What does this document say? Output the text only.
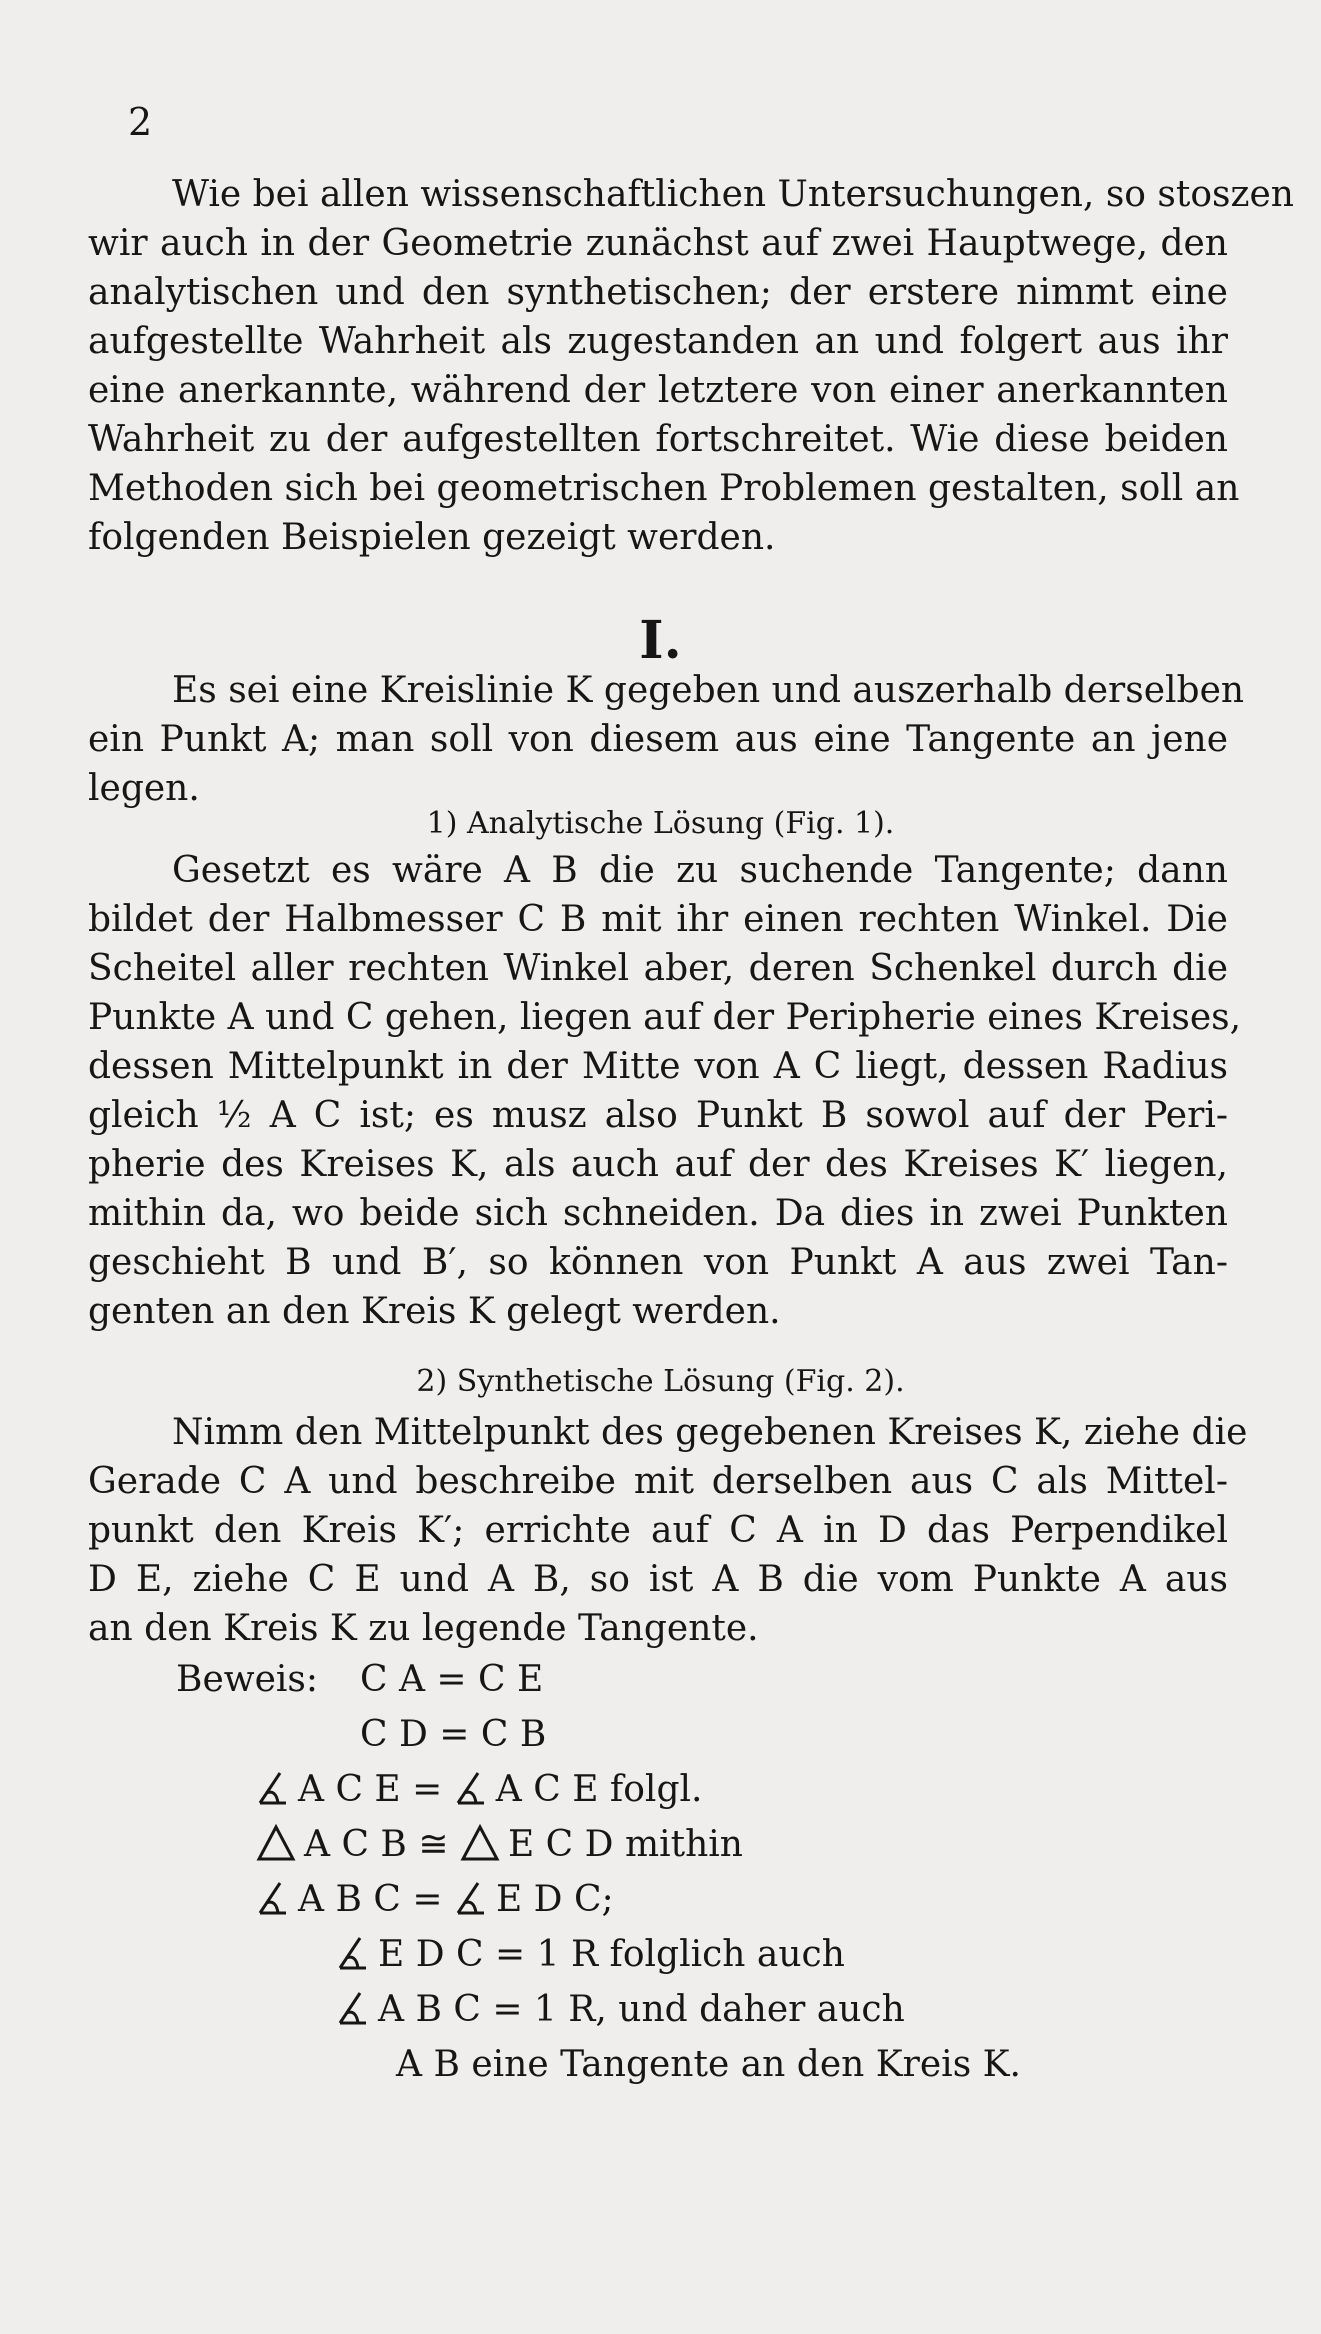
2
Wie bei allen wissenschaftlichen Untersuchungen, so stoszen
wir auch in der Geometrie zunächst auf zwei Hauptwege, den
analytischen und den synthetischen; der erstere nimmt eine
aufgestellte Wahrheit als zugestanden an und folgert aus ihr
eine anerkannte, während der letztere von einer anerkannten
Wahrheit zu der aufgestellten fortschreitet. Wie diese beiden
Methoden sich bei geometrischen Problemen gestalten, soll an
folgenden Beispielen gezeigt werden.
I.
Es sei eine Kreislinie K gegeben und auszerhalb derselben
ein Punkt A; man soll von diesem aus eine Tangente an jene
legen.
1) Analytische Lösung (Fig. 1).
Gesetzt es wäre A B die zu suchende Tangente; dann
bildet der Halbmesser C B mit ihr einen rechten Winkel. Die
Scheitel aller rechten Winkel aber, deren Schenkel durch die
Punkte A und C gehen, liegen auf der Peripherie eines Kreises,
dessen Mittelpunkt in der Mitte von A C liegt, dessen Radius
gleich ½ A C ist; es musz also Punkt B sowol auf der Peri-
pherie des Kreises K, als auch auf der des Kreises K′ liegen,
mithin da, wo beide sich schneiden. Da dies in zwei Punkten
geschieht B und B′, so können von Punkt A aus zwei Tan-
genten an den Kreis K gelegt werden.
2) Synthetische Lösung (Fig. 2).
Nimm den Mittelpunkt des gegebenen Kreises K, ziehe die
Gerade C A und beschreibe mit derselben aus C als Mittel-
punkt den Kreis K′; errichte auf C A in D das Perpendikel
D E, ziehe C E und A B, so ist A B die vom Punkte A aus
an den Kreis K zu legende Tangente.
Beweis: C A = C E
C D = C B
A C E = A C E folgl.
A C B ≅ E C D mithin
A B C = E D C;
E D C = 1 R folglich auch
A B C = 1 R, und daher auch
A B eine Tangente an den Kreis K.
